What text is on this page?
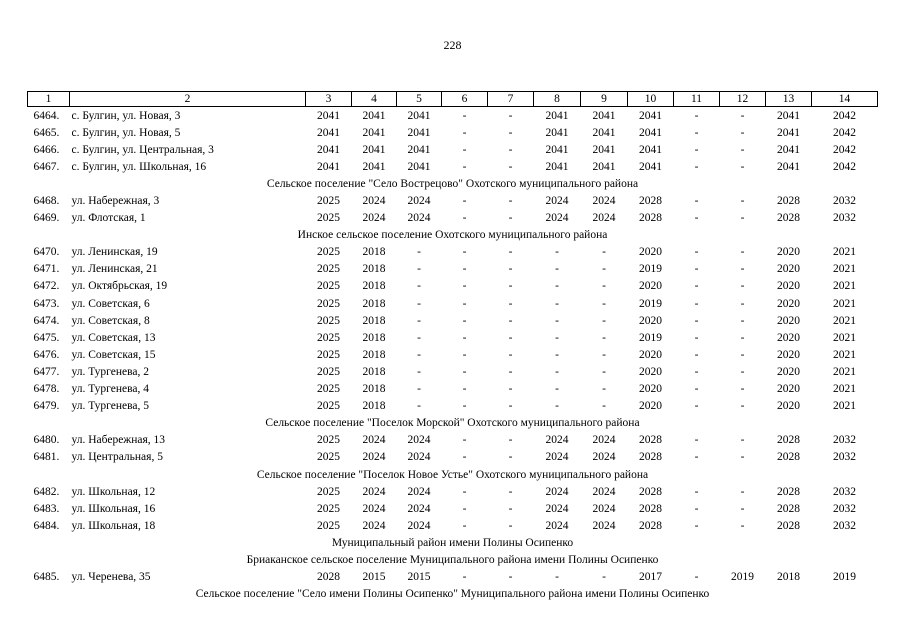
228
1	2	3	4	5	6	7	8	9	10	11	12	13	14
6464.	с. Булгин, ул. Новая, 3	2041	2041	2041	-	-	2041	2041	2041	-	-	2041	2042
6465.	с. Булгин, ул. Новая, 5	2041	2041	2041	-	-	2041	2041	2041	-	-	2041	2042
6466.	с. Булгин, ул. Центральная, 3	2041	2041	2041	-	-	2041	2041	2041	-	-	2041	2042
6467.	с. Булгин, ул. Школьная, 16	2041	2041	2041	-	-	2041	2041	2041	-	-	2041	2042
Сельское поселение "Село Вострецово" Охотского муниципального района													
6468.	ул. Набережная, 3	2025	2024	2024	-	-	2024	2024	2028	-	-	2028	2032
6469.	ул. Флотская, 1	2025	2024	2024	-	-	2024	2024	2028	-	-	2028	2032
Инское сельское поселение Охотского муниципального района													
6470.	ул. Ленинская, 19	2025	2018	-	-	-	-	-	2020	-	-	2020	2021
6471.	ул. Ленинская, 21	2025	2018	-	-	-	-	-	2019	-	-	2020	2021
6472.	ул. Октябрьская, 19	2025	2018	-	-	-	-	-	2020	-	-	2020	2021
6473.	ул. Советская, 6	2025	2018	-	-	-	-	-	2019	-	-	2020	2021
6474.	ул. Советская, 8	2025	2018	-	-	-	-	-	2020	-	-	2020	2021
6475.	ул. Советская, 13	2025	2018	-	-	-	-	-	2019	-	-	2020	2021
6476.	ул. Советская, 15	2025	2018	-	-	-	-	-	2020	-	-	2020	2021
6477.	ул. Тургенева, 2	2025	2018	-	-	-	-	-	2020	-	-	2020	2021
6478.	ул. Тургенева, 4	2025	2018	-	-	-	-	-	2020	-	-	2020	2021
6479.	ул. Тургенева, 5	2025	2018	-	-	-	-	-	2020	-	-	2020	2021
Сельское поселение "Поселок Морской" Охотского муниципального района													
6480.	ул. Набережная, 13	2025	2024	2024	-	-	2024	2024	2028	-	-	2028	2032
6481.	ул. Центральная, 5	2025	2024	2024	-	-	2024	2024	2028	-	-	2028	2032
Сельское поселение "Поселок Новое Устье" Охотского муниципального района													
6482.	ул. Школьная, 12	2025	2024	2024	-	-	2024	2024	2028	-	-	2028	2032
6483.	ул. Школьная, 16	2025	2024	2024	-	-	2024	2024	2028	-	-	2028	2032
6484.	ул. Школьная, 18	2025	2024	2024	-	-	2024	2024	2028	-	-	2028	2032
Муниципальный район имени Полины Осипенко													
Бриаканское сельское поселение Муниципального района имени Полины Осипенко													
6485.	ул. Черенева, 35	2028	2015	2015	-	-	-	-	2017	-	2019	2018	2019
Сельское поселение "Село имени Полины Осипенко" Муниципального района имени Полины Осипенко													
